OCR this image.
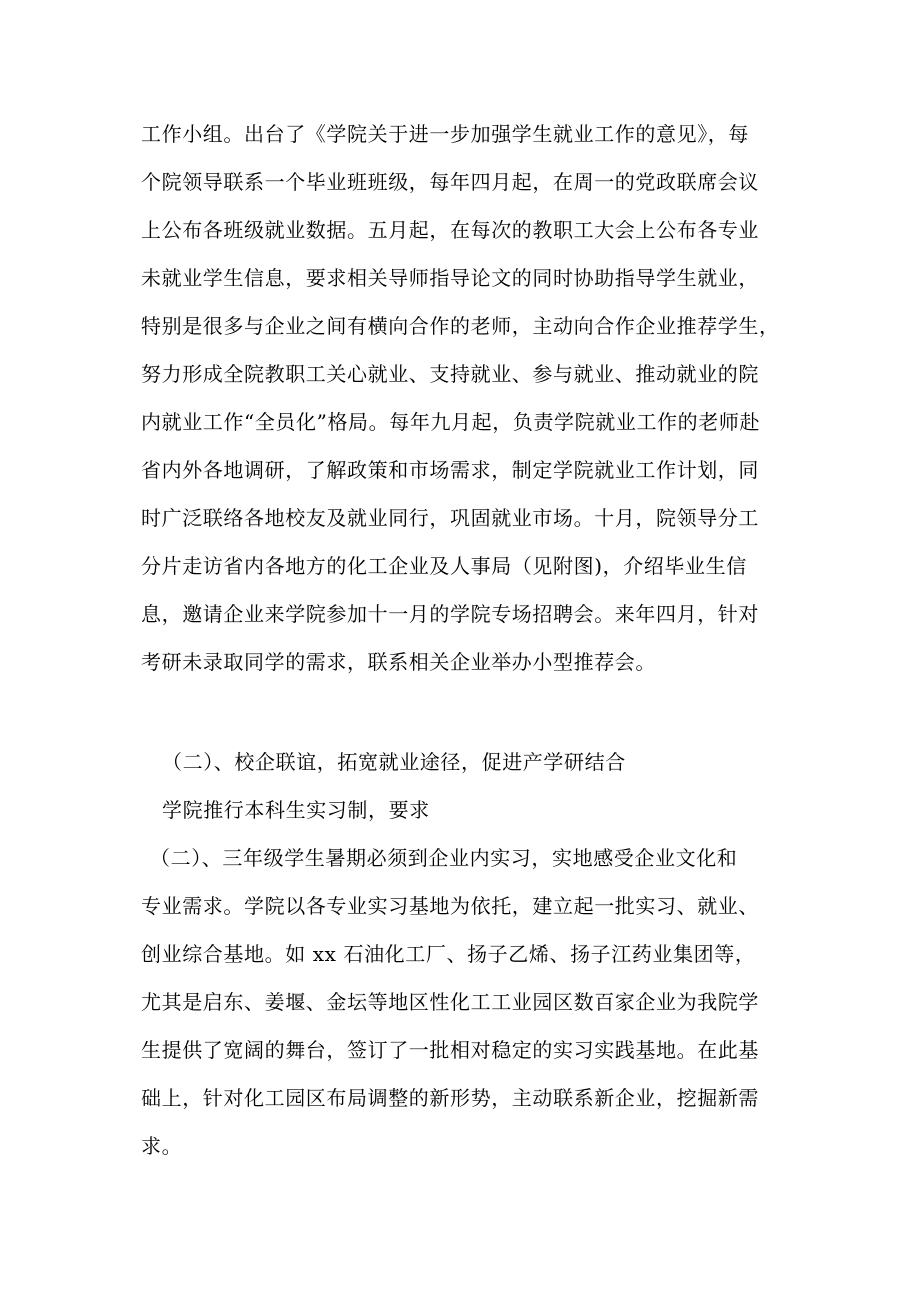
工作小组。出台了《学院关于进一步加强学生就业工作的意见》，每
个院领导联系一个毕业班班级，每年四月起，在周一的党政联席会议
上公布各班级就业数据。五月起，在每次的教职工大会上公布各专业
未就业学生信息，要求相关导师指导论文的同时协助指导学生就业，
特别是很多与企业之间有横向合作的老师，主动向合作企业推荐学生，
努力形成全院教职工关心就业、支持就业、参与就业、推动就业的院
内就业工作“全员化”格局。每年九月起，负责学院就业工作的老师赴
省内外各地调研，了解政策和市场需求，制定学院就业工作计划，同
时广泛联络各地校友及就业同行，巩固就业市场。十月，院领导分工
分片走访省内各地方的化工企业及人事局（见附图)，介绍毕业生信
息，邀请企业来学院参加十一月的学院专场招聘会。来年四月，针对
考研未录取同学的需求，联系相关企业举办小型推荐会。
（二）、校企联谊，拓宽就业途径，促进产学研结合
学院推行本科生实习制，要求
（二）、三年级学生暑期必须到企业内实习，实地感受企业文化和
专业需求。学院以各专业实习基地为依托，建立起一批实习、就业、
创业综合基地。如 xx 石油化工厂、扬子乙烯、扬子江药业集团等，
尤其是启东、姜堰、金坛等地区性化工工业园区数百家企业为我院学
生提供了宽阔的舞台，签订了一批相对稳定的实习实践基地。在此基
础上，针对化工园区布局调整的新形势，主动联系新企业，挖掘新需
求。
